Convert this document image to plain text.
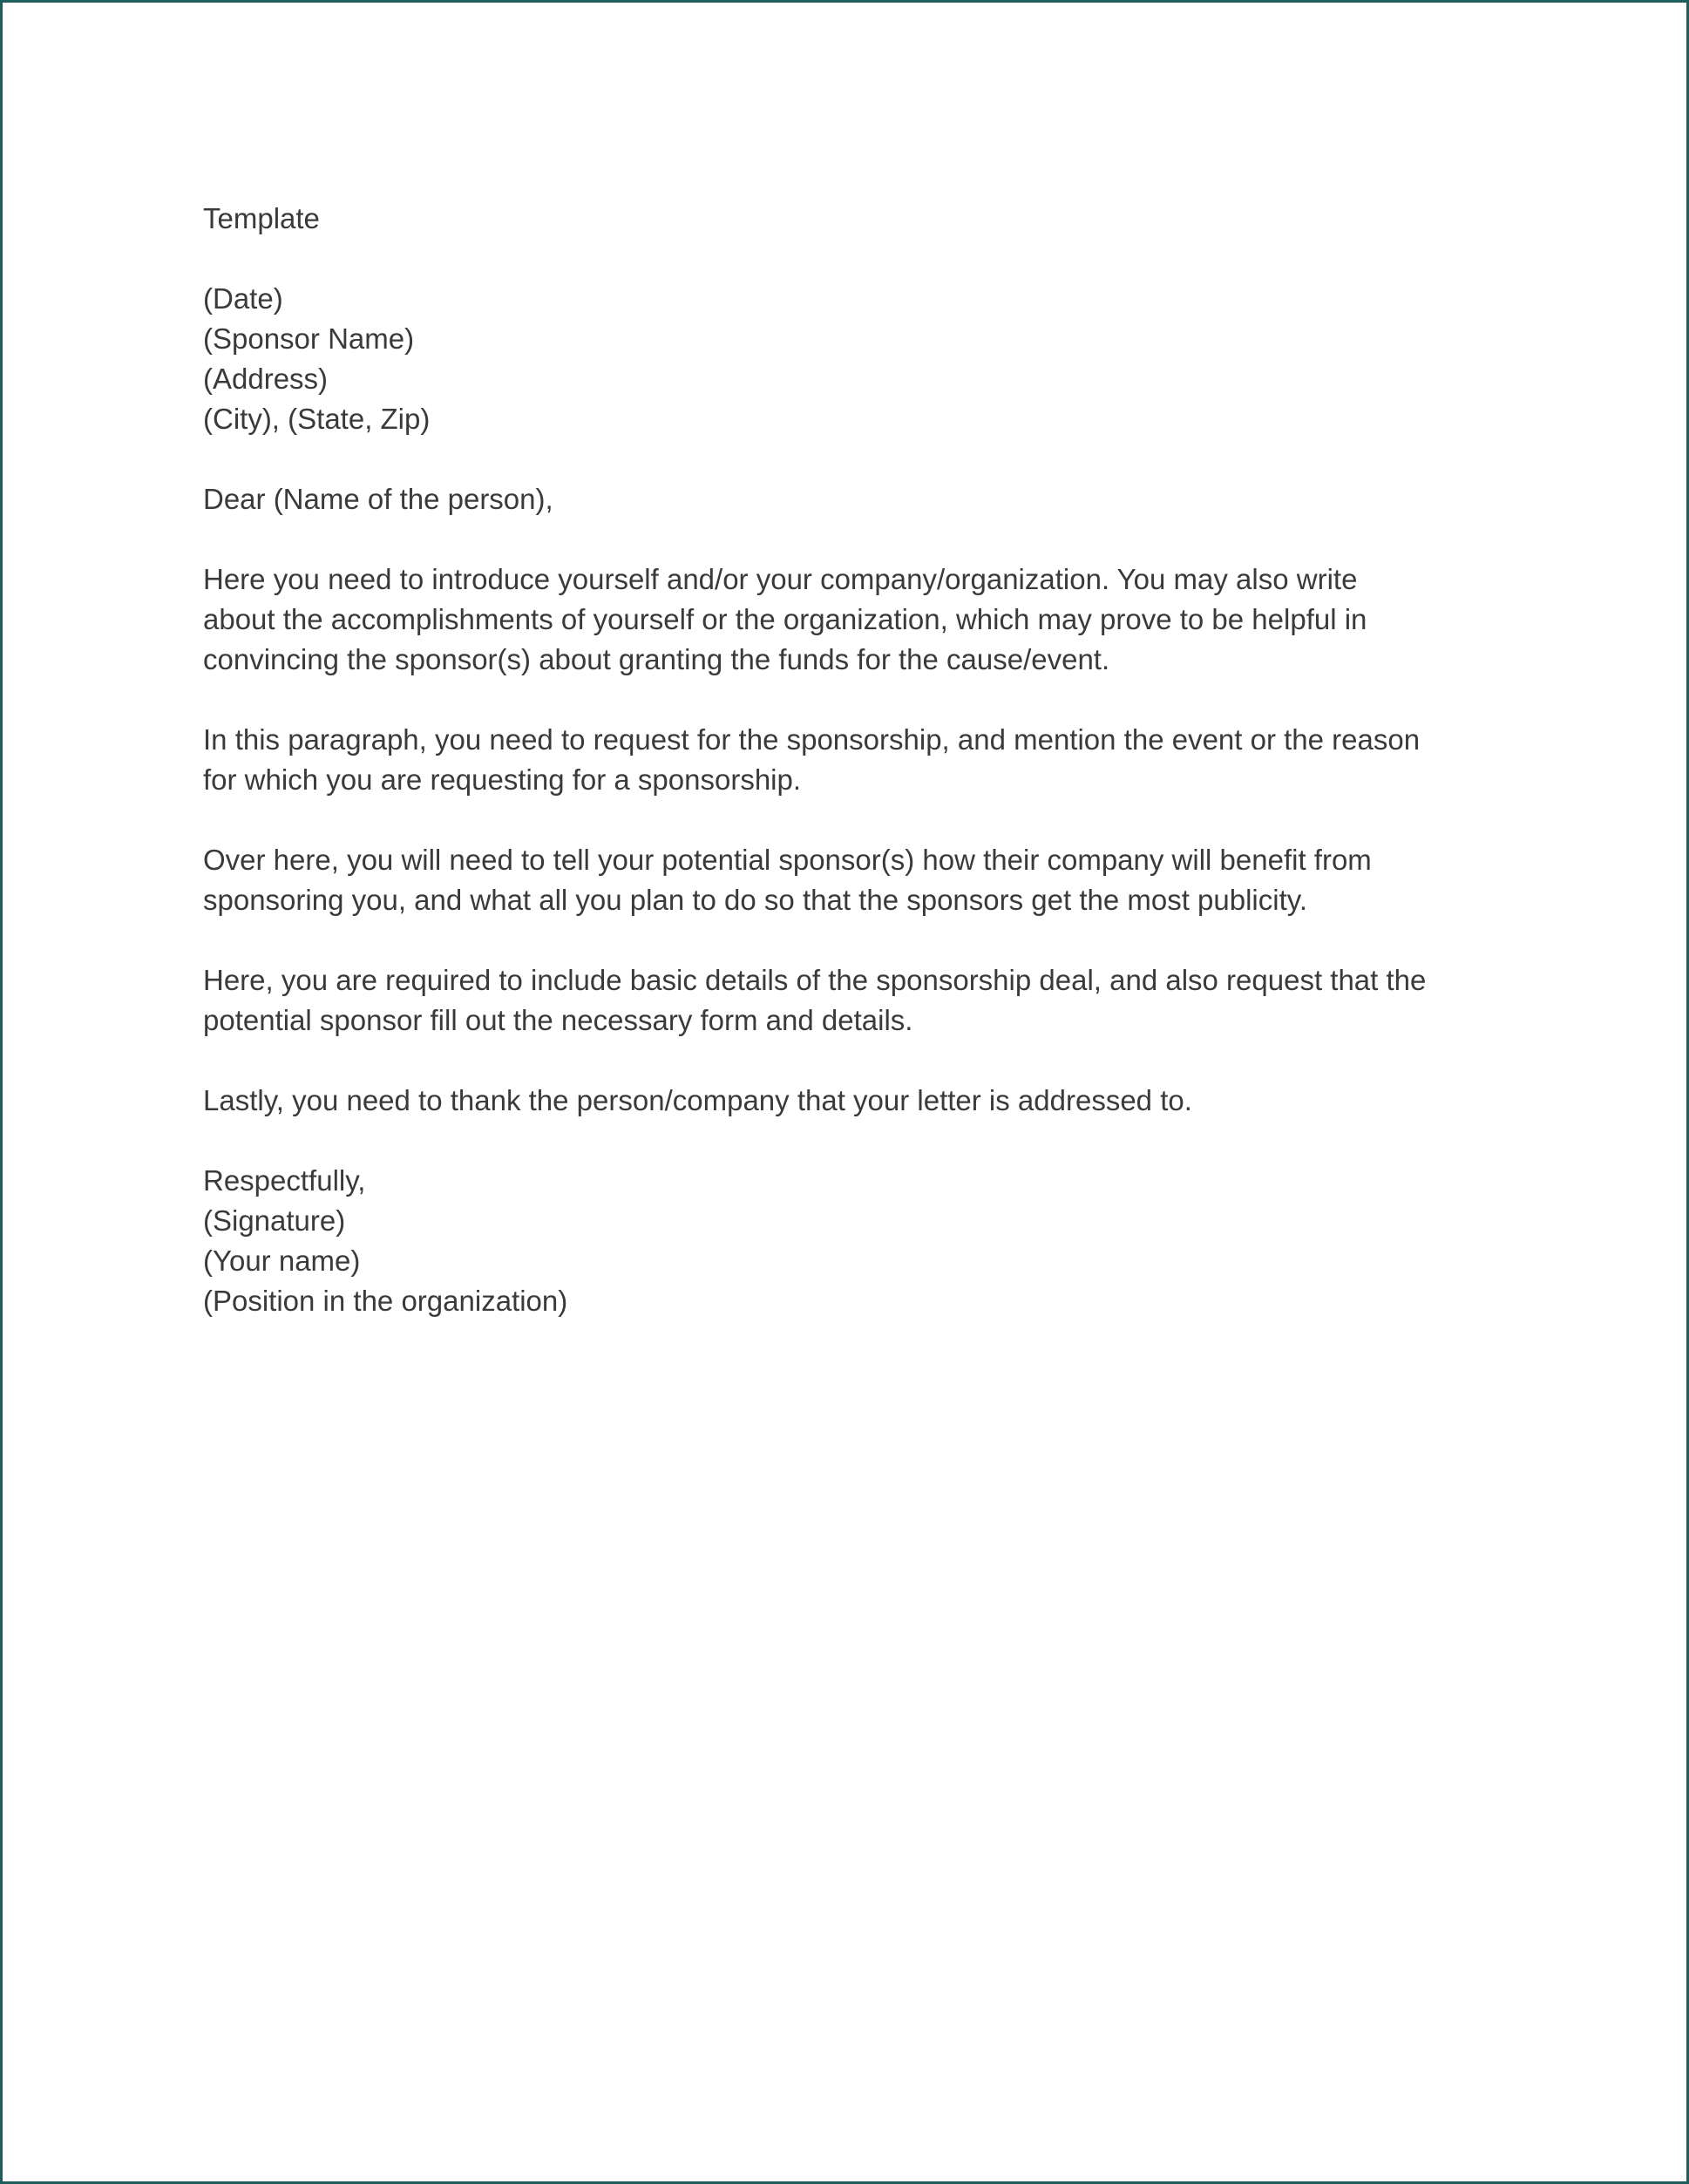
Template
(Date)
(Sponsor Name)
(Address)
(City), (State, Zip)
Dear (Name of the person),
Here you need to introduce yourself and/or your company/organization. You may also write
about the accomplishments of yourself or the organization, which may prove to be helpful in
convincing the sponsor(s) about granting the funds for the cause/event.
In this paragraph, you need to request for the sponsorship, and mention the event or the reason
for which you are requesting for a sponsorship.
Over here, you will need to tell your potential sponsor(s) how their company will benefit from
sponsoring you, and what all you plan to do so that the sponsors get the most publicity.
Here, you are required to include basic details of the sponsorship deal, and also request that the
potential sponsor fill out the necessary form and details.
Lastly, you need to thank the person/company that your letter is addressed to.
Respectfully,
(Signature)
(Your name)
(Position in the organization)
